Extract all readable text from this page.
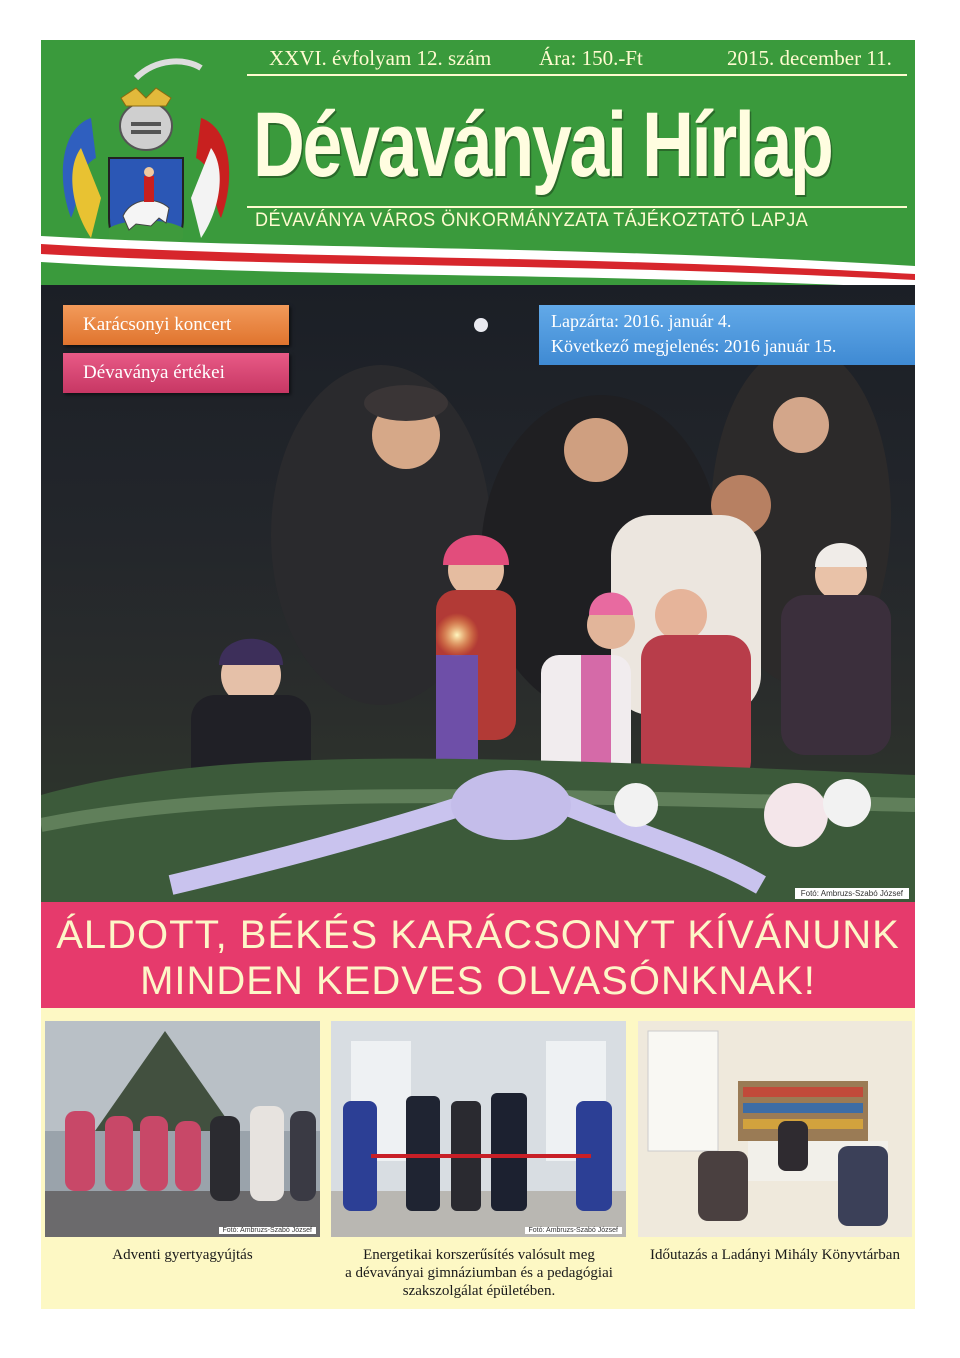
XXVI. évfolyam 12. szám Ára: 150.-Ft	2015. december 11.
Dévaványai Hírlap
DÉVAVÁNYA VÁROS ÖNKORMÁNYZATA TÁJÉKOZTATÓ LAPJA
Karácsonyi koncert
Dévaványa értékei
Lapzárta: 2016. január 4.
Következő megjelenés: 2016 január 15.
Fotó: Ambruzs-Szabó József
ÁLDOTT, BÉKÉS KARÁCSONYT KÍVÁNUNK
MINDEN KEDVES OLVASÓNKNAK!
Fotó: Ambruzs-Szabó József	Fotó: Ambruzs-Szabó József
Adventi gyertyagyújtás	Energetikai korszerűsítés valósult meg
a dévaványai gimnáziumban és a pedagógiai
szakszolgálat épületében.
Időutazás a Ladányi Mihály Könyvtárban
